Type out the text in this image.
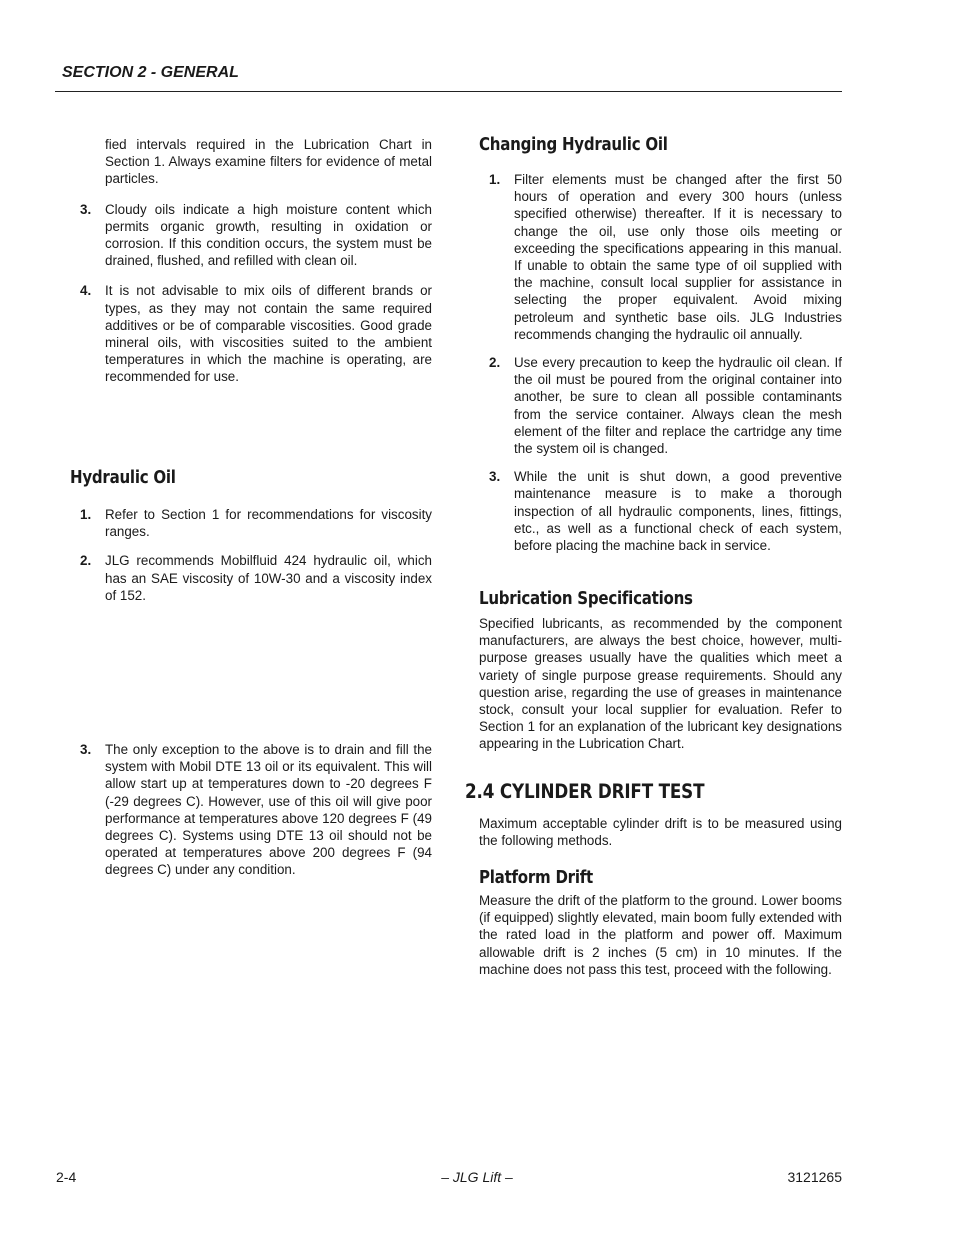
SECTION 2 - GENERAL

fied intervals required in the Lubrication Chart in Section 1. Always examine filters for evidence of metal particles.

3. Cloudy oils indicate a high moisture content which permits organic growth, resulting in oxidation or corrosion. If this condition occurs, the system must be drained, flushed, and refilled with clean oil.

4. It is not advisable to mix oils of different brands or types, as they may not contain the same required additives or be of comparable viscosities. Good grade mineral oils, with viscosities suited to the ambient temperatures in which the machine is operating, are recommended for use.

Hydraulic Oil
1. Refer to Section 1 for recommendations for viscosity ranges.

2. JLG recommends Mobilfluid 424 hydraulic oil, which has an SAE viscosity of 10W-30 and a viscosity index of 152.

3. The only exception to the above is to drain and fill the system with Mobil DTE 13 oil or its equivalent. This will allow start up at temperatures down to -20 degrees F (-29 degrees C). However, use of this oil will give poor performance at temperatures above 120 degrees F (49 degrees C). Systems using DTE 13 oil should not be operated at temperatures above 200 degrees F (94 degrees C) under any condition.

Changing Hydraulic Oil
1. Filter elements must be changed after the first 50 hours of operation and every 300 hours (unless specified otherwise) thereafter. If it is necessary to change the oil, use only those oils meeting or exceeding the specifications appearing in this manual. If unable to obtain the same type of oil supplied with the machine, consult local supplier for assistance in selecting the proper equivalent. Avoid mixing petroleum and synthetic base oils. JLG Industries recommends changing the hydraulic oil annually.

2. Use every precaution to keep the hydraulic oil clean. If the oil must be poured from the original container into another, be sure to clean all possible contaminants from the service container. Always clean the mesh element of the filter and replace the cartridge any time the system oil is changed.

3. While the unit is shut down, a good preventive maintenance measure is to make a thorough inspection of all hydraulic components, lines, fittings, etc., as well as a functional check of each system, before placing the machine back in service.

Lubrication Specifications

Specified lubricants, as recommended by the component manufacturers, are always the best choice, however, multi-purpose greases usually have the qualities which meet a variety of single purpose grease requirements. Should any question arise, regarding the use of greases in maintenance stock, consult your local supplier for evaluation. Refer to Section 1 for an explanation of the lubricant key designations appearing in the Lubrication Chart.

2.4 CYLINDER DRIFT TEST

Maximum acceptable cylinder drift is to be measured using the following methods.

Platform Drift

Measure the drift of the platform to the ground. Lower booms (if equipped) slightly elevated, main boom fully extended with the rated load in the platform and power off. Maximum allowable drift is 2 inches (5 cm) in 10 minutes. If the machine does not pass this test, proceed with the following.

2-4	– JLG Lift –	3121265
